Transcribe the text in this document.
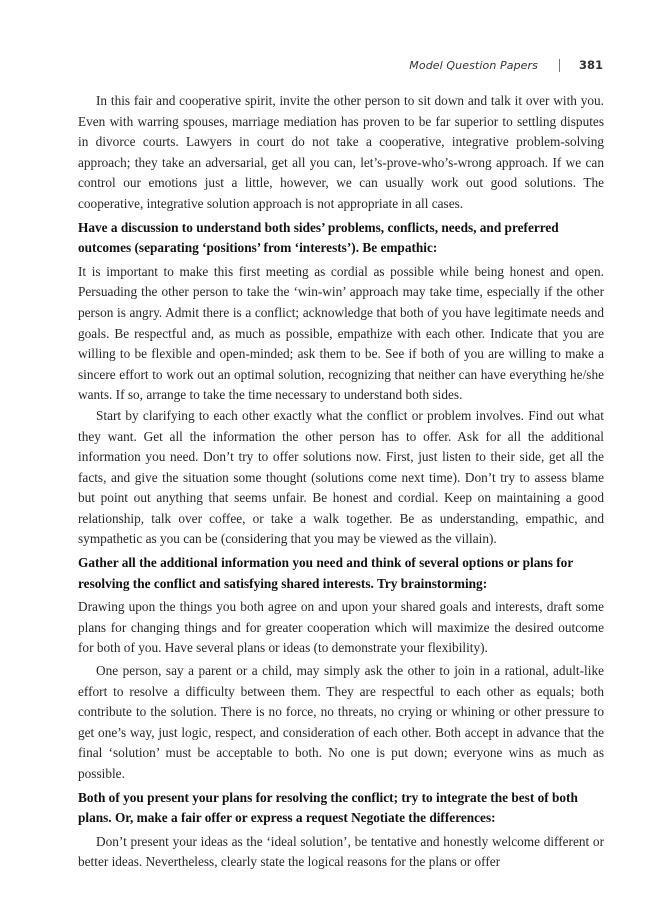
Model Question Papers	381

In this fair and cooperative spirit, invite the other person to sit down and talk it over with you. Even with warring spouses, marriage mediation has proven to be far superior to settling disputes in divorce courts. Lawyers in court do not take a cooperative, integrative problem-solving approach; they take an adversarial, get all you can, let’s-prove-who’s-wrong approach. If we can control our emotions just a little, however, we can usually work out good solutions. The cooperative, integrative solution approach is not appropriate in all cases.

Have a discussion to understand both sides’ problems, conflicts, needs, and preferred outcomes (separating ‘positions’ from ‘interests’). Be empathic:

It is important to make this first meeting as cordial as possible while being honest and open. Persuading the other person to take the ‘win-win’ approach may take time, especially if the other person is angry. Admit there is a conflict; acknowledge that both of you have legitimate needs and goals. Be respectful and, as much as possible, empathize with each other. Indicate that you are willing to be flexible and open-minded; ask them to be. See if both of you are willing to make a sincere effort to work out an optimal solution, recognizing that neither can have everything he/she wants. If so, arrange to take the time necessary to understand both sides.

Start by clarifying to each other exactly what the conflict or problem involves. Find out what they want. Get all the information the other person has to offer. Ask for all the additional information you need. Don’t try to offer solutions now. First, just listen to their side, get all the facts, and give the situation some thought (solutions come next time). Don’t try to assess blame but point out anything that seems unfair. Be honest and cordial. Keep on maintaining a good relationship, talk over coffee, or take a walk together. Be as understanding, empathic, and sympathetic as you can be (considering that you may be viewed as the villain).

Gather all the additional information you need and think of several options or plans for resolving the conflict and satisfying shared interests. Try brainstorming:

Drawing upon the things you both agree on and upon your shared goals and interests, draft some plans for changing things and for greater cooperation which will maximize the desired outcome for both of you. Have several plans or ideas (to demonstrate your flexibility).

One person, say a parent or a child, may simply ask the other to join in a rational, adult-like effort to resolve a difficulty between them. They are respectful to each other as equals; both contribute to the solution. There is no force, no threats, no crying or whining or other pressure to get one’s way, just logic, respect, and consideration of each other. Both accept in advance that the final ‘solution’ must be acceptable to both. No one is put down; everyone wins as much as possible.

Both of you present your plans for resolving the conflict; try to integrate the best of both plans. Or, make a fair offer or express a request Negotiate the differences:

Don’t present your ideas as the ‘ideal solution’, be tentative and honestly welcome different or better ideas. Nevertheless, clearly state the logical reasons for the plans or offer
